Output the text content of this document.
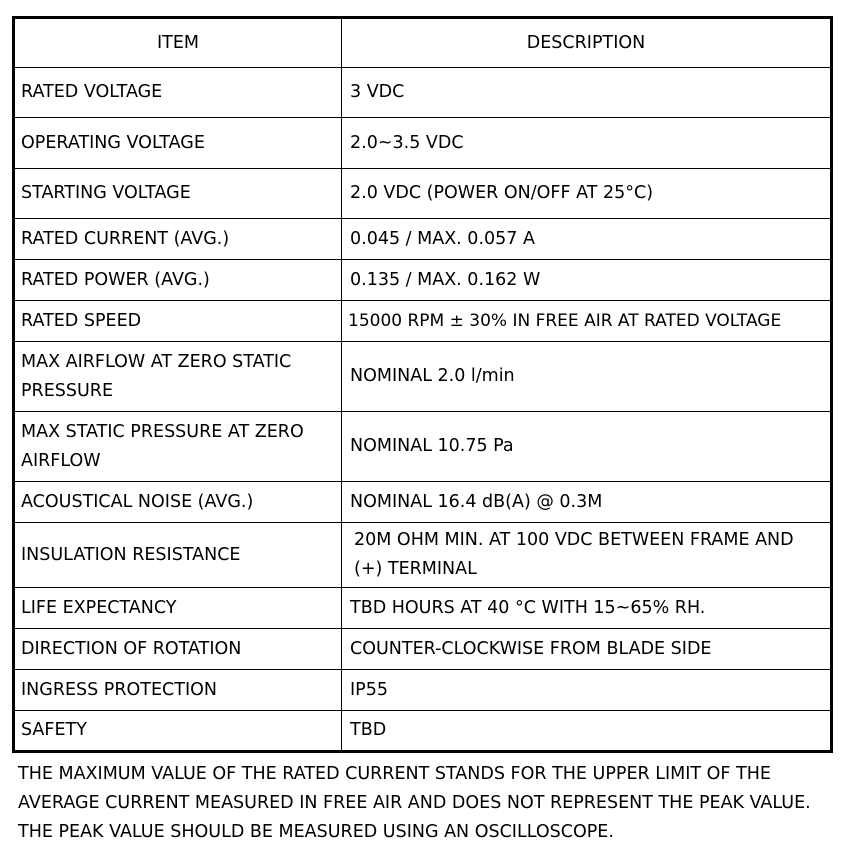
ITEM	DESCRIPTION
RATED VOLTAGE	3 VDC
OPERATING VOLTAGE	2.0~3.5 VDC
STARTING VOLTAGE	2.0 VDC (POWER ON/OFF AT 25°C)
RATED CURRENT (AVG.)	0.045 / MAX. 0.057 A
RATED POWER (AVG.)	0.135 / MAX. 0.162 W
RATED SPEED	15000 RPM ± 30% IN FREE AIR AT RATED VOLTAGE
MAX AIRFLOW AT ZERO STATIC PRESSURE	NOMINAL 2.0 l/min
MAX STATIC PRESSURE AT ZERO AIRFLOW	NOMINAL 10.75 Pa
ACOUSTICAL NOISE (AVG.)	NOMINAL 16.4 dB(A) @ 0.3M
INSULATION RESISTANCE	20M OHM MIN. AT 100 VDC BETWEEN FRAME AND (+) TERMINAL
LIFE EXPECTANCY	TBD HOURS AT 40 °C WITH 15~65% RH.
DIRECTION OF ROTATION	COUNTER-CLOCKWISE FROM BLADE SIDE
INGRESS PROTECTION	IP55
SAFETY	TBD

THE MAXIMUM VALUE OF THE RATED CURRENT STANDS FOR THE UPPER LIMIT OF THE AVERAGE CURRENT MEASURED IN FREE AIR AND DOES NOT REPRESENT THE PEAK VALUE. THE PEAK VALUE SHOULD BE MEASURED USING AN OSCILLOSCOPE.
